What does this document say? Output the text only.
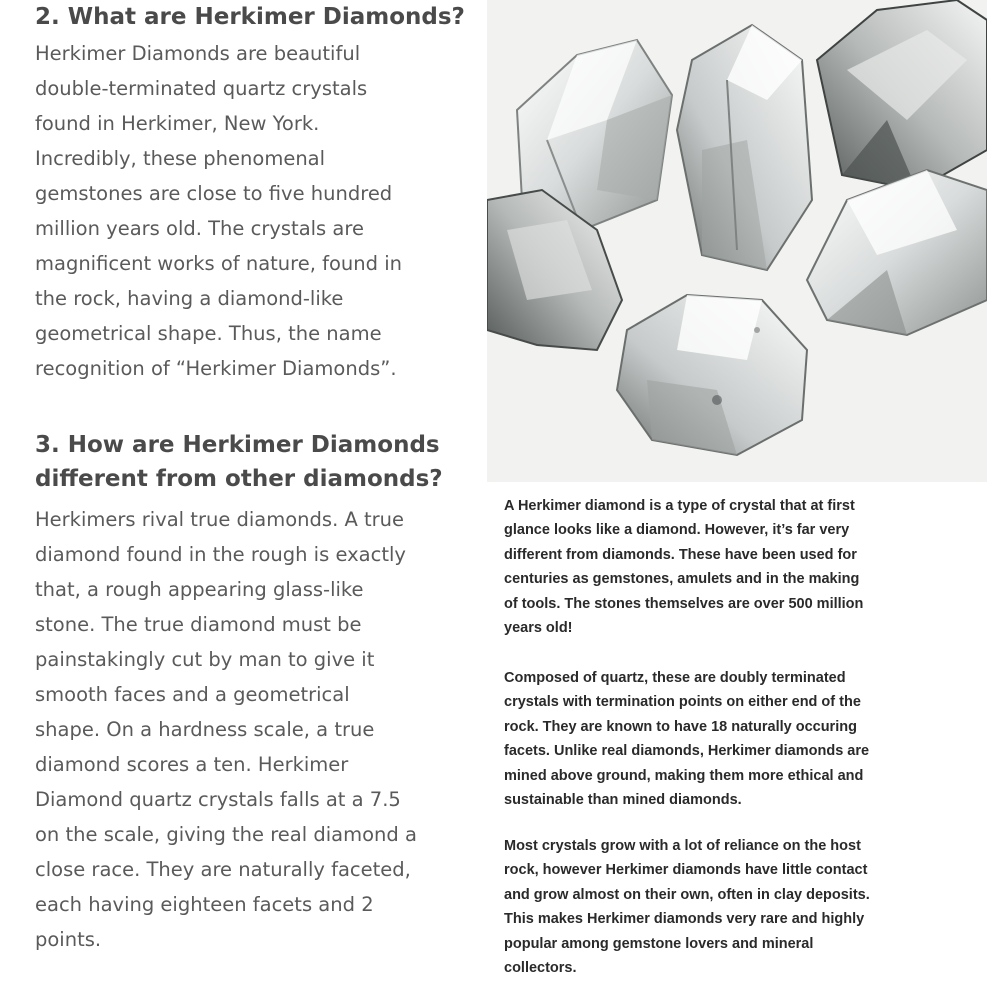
2. What are Herkimer Diamonds?

Herkimer Diamonds are beautiful
double-terminated quartz crystals
found in Herkimer, New York.
Incredibly, these phenomenal
gemstones are close to five hundred
million years old. The crystals are
magnificent works of nature, found in
the rock, having a diamond-like
geometrical shape. Thus, the name
recognition of “Herkimer Diamonds”.

3. How are Herkimer Diamonds
different from other diamonds?

Herkimers rival true diamonds. A true
diamond found in the rough is exactly
that, a rough appearing glass-like
stone. The true diamond must be
painstakingly cut by man to give it
smooth faces and a geometrical
shape. On a hardness scale, a true
diamond scores a ten. Herkimer
Diamond quartz crystals falls at a 7.5
on the scale, giving the real diamond a
close race. They are naturally faceted,
each having eighteen facets and 2
points.

A Herkimer diamond is a type of crystal that at first
glance looks like a diamond. However, it’s far very
different from diamonds. These have been used for
centuries as gemstones, amulets and in the making
of tools. The stones themselves are over 500 million
years old!

Composed of quartz, these are doubly terminated
crystals with termination points on either end of the
rock. They are known to have 18 naturally occuring
facets. Unlike real diamonds, Herkimer diamonds are
mined above ground, making them more ethical and
sustainable than mined diamonds.

Most crystals grow with a lot of reliance on the host
rock, however Herkimer diamonds have little contact
and grow almost on their own, often in clay deposits.
This makes Herkimer diamonds very rare and highly
popular among gemstone lovers and mineral
collectors.
